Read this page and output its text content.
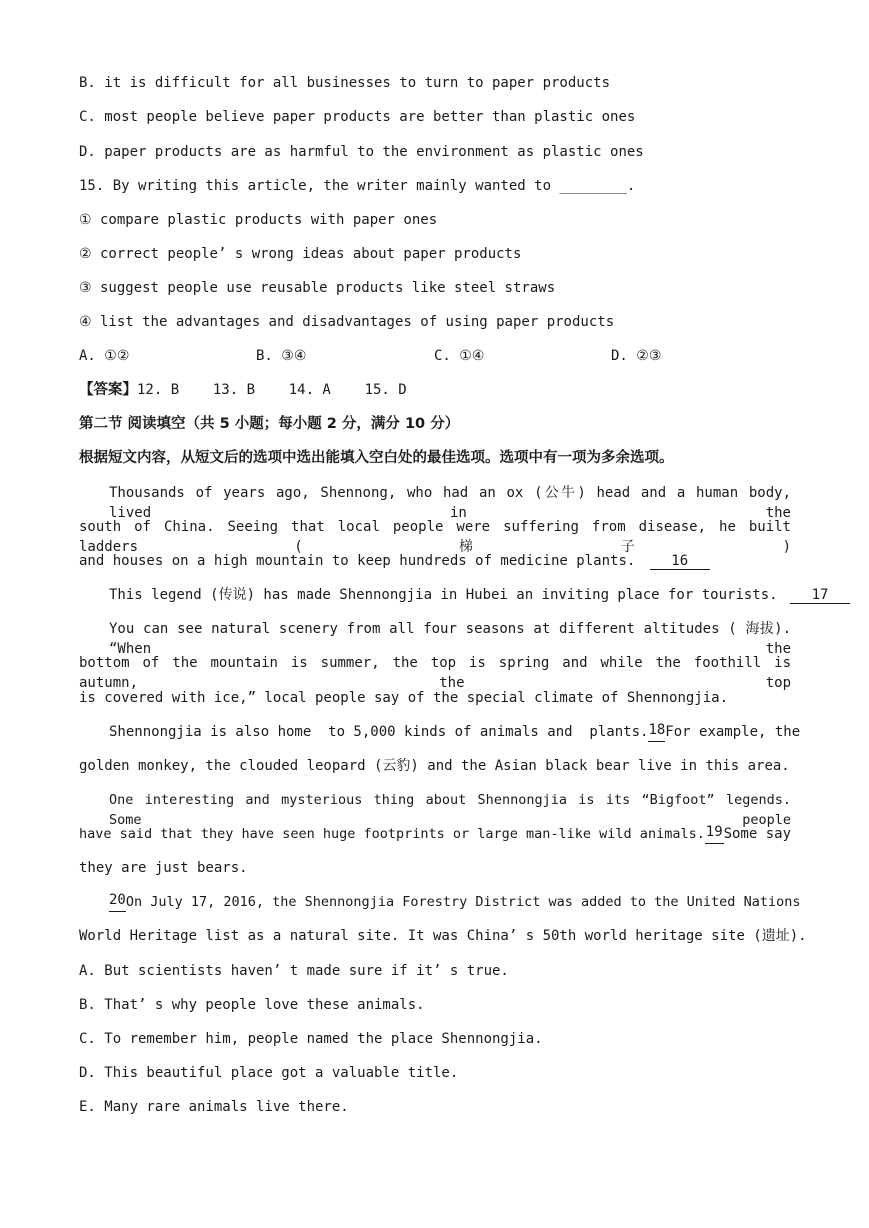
B. it is difficult for all businesses to turn to paper products
C. most people believe paper products are better than plastic ones
D. paper products are as harmful to the environment as plastic ones
15. By writing this article, the writer mainly wanted to ________.
① compare plastic products with paper ones
② correct people’ s wrong ideas about paper products
③ suggest people use reusable products like steel straws
④ list the advantages and disadvantages of using paper products
A. ①②	B. ③④	C. ①④	D. ②③
【答案】12. B    13. B    14. A    15. D
第二节 阅读填空（共 5 小题；每小题 2 分，满分 10 分）
根据短文内容，从短文后的选项中选出能填入空白处的最佳选项。选项中有一项为多余选项。
Thousands of years ago, Shennong, who had an ox (公牛) head and a human body, lived in the
south of China. Seeing that local people were suffering from disease, he built ladders ( 梯子)
and houses on a high mountain to keep hundreds of medicine plants.	16
This legend (传说) has made Shennongjia in Hubei an inviting place for tourists. 17
You can see natural scenery from all four seasons at different altitudes ( 海拔). “When the
bottom of the mountain is summer, the top is spring and while the foothill is autumn, the top
is covered with ice,” local people say of the special climate of Shennongjia.
Shennongjia is also home  to 5,000 kinds of animals and  plants. 18 For example, the
golden monkey, the clouded leopard (云豹) and the Asian black bear live in this area.
One interesting and mysterious thing about Shennongjia is its “Bigfoot” legends. Some people
have said that they have seen huge footprints or large man-like wild animals. 19 Some say
they are just bears.
20 On July 17, 2016, the Shennongjia Forestry District was added to the United Nations
World Heritage list as a natural site. It was China’ s 50th world heritage site (遗址).
A. But scientists haven’ t made sure if it’ s true.
B. That’ s why people love these animals.
C. To remember him, people named the place Shennongjia.
D. This beautiful place got a valuable title.
E. Many rare animals live there.
